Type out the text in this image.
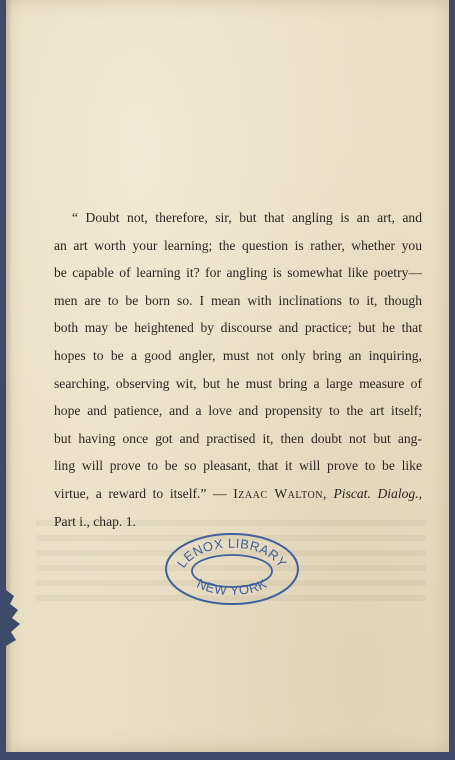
“ Doubt not, therefore, sir, but that angling is an art, and
an art worth your learning; the question is rather, whether you
be capable of learning it? for angling is somewhat like poetry—
men are to be born so. I mean with inclinations to it, though
both may be heightened by discourse and practice; but he that
hopes to be a good angler, must not only bring an inquiring,
searching, observing wit, but he must bring a large measure of
hope and patience, and a love and propensity to the art itself;
but having once got and practised it, then doubt not but ang-
ling will prove to be so pleasant, that it will prove to be like
virtue, a reward to itself.” — Izaac Walton, Piscat. Dialog.,
Part i., chap. 1.
LENOX LIBRARY
NEW YORK
